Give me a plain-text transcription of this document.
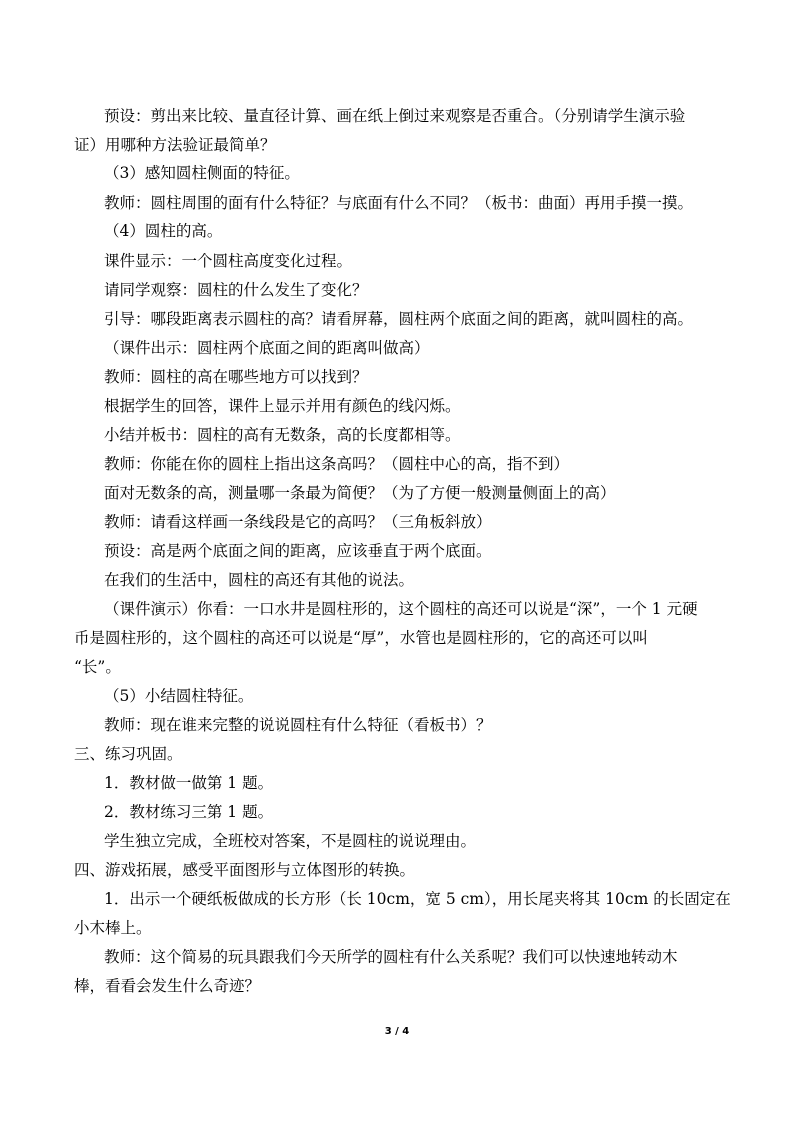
预设：剪出来比较、量直径计算、画在纸上倒过来观察是否重合。（分别请学生演示验
证）用哪种方法验证最简单？
（3）感知圆柱侧面的特征。
教师：圆柱周围的面有什么特征？与底面有什么不同？（板书：曲面）再用手摸一摸。
（4）圆柱的高。
课件显示：一个圆柱高度变化过程。
请同学观察：圆柱的什么发生了变化？
引导：哪段距离表示圆柱的高？请看屏幕，圆柱两个底面之间的距离，就叫圆柱的高。
（课件出示：圆柱两个底面之间的距离叫做高）
教师：圆柱的高在哪些地方可以找到？
根据学生的回答，课件上显示并用有颜色的线闪烁。
小结并板书：圆柱的高有无数条，高的长度都相等。
教师：你能在你的圆柱上指出这条高吗？（圆柱中心的高，指不到）
面对无数条的高，测量哪一条最为简便？（为了方便一般测量侧面上的高）
教师：请看这样画一条线段是它的高吗？（三角板斜放）
预设：高是两个底面之间的距离，应该垂直于两个底面。
在我们的生活中，圆柱的高还有其他的说法。
（课件演示）你看：一口水井是圆柱形的，这个圆柱的高还可以说是“深”，一个 1 元硬
币是圆柱形的，这个圆柱的高还可以说是“厚”，水管也是圆柱形的，它的高还可以叫
“长”。
（5）小结圆柱特征。
教师：现在谁来完整的说说圆柱有什么特征（看板书）？
三、练习巩固。
1．教材做一做第 1 题。
2．教材练习三第 1 题。
学生独立完成，全班校对答案，不是圆柱的说说理由。
四、游戏拓展，感受平面图形与立体图形的转换。
1．出示一个硬纸板做成的长方形（长 10cm，宽 5 cm），用长尾夹将其 10cm 的长固定在
小木棒上。
教师：这个简易的玩具跟我们今天所学的圆柱有什么关系呢？我们可以快速地转动木
棒，看看会发生什么奇迹？
3 / 4
